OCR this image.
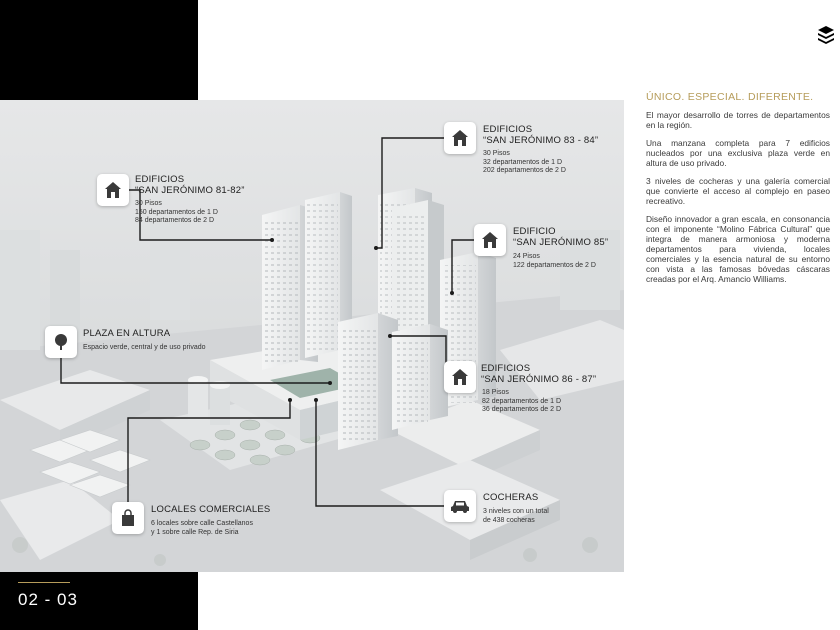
EDIFICIOS
“SAN JERÓNIMO 83 - 84”
30 Pisos
32 departamentos de 1 D
202 departamentos de 2 D
EDIFICIOS
“SAN JERÓNIMO 81-82”
30 Pisos
150 departamentos de 1 D
84 departamentos de 2 D
EDIFICIO
“SAN JERÓNIMO 85”
24 Pisos
122 departamentos de 2 D
PLAZA EN ALTURA
Espacio verde, central y de uso privado
EDIFICIOS
“SAN JERÓNIMO 86 - 87”
18 Pisos
82 departamentos de 1 D
36 departamentos de 2 D
COCHERAS
3 niveles con un total
de 438 cocheras
LOCALES COMERCIALES
6 locales sobre calle Castellanos
y 1 sobre calle Rep. de Siria
02 - 03
ÚNICO. ESPECIAL. DIFERENTE.

El mayor desarrollo de torres de departamentos en la región.

Una manzana completa para 7 edificios nucleados por una exclusiva plaza verde en altura de uso privado.

3 niveles de cocheras y una galería comercial que convierte el acceso al complejo en paseo recreativo.

Diseño innovador a gran escala, en consonancia con el imponente “Molino Fábrica Cultural” que integra de manera armoniosa y moderna departamentos para vivienda, locales comerciales y la esencia natural de su entorno con vista a las famosas bóvedas cáscaras creadas por el Arq. Amancio Williams.
